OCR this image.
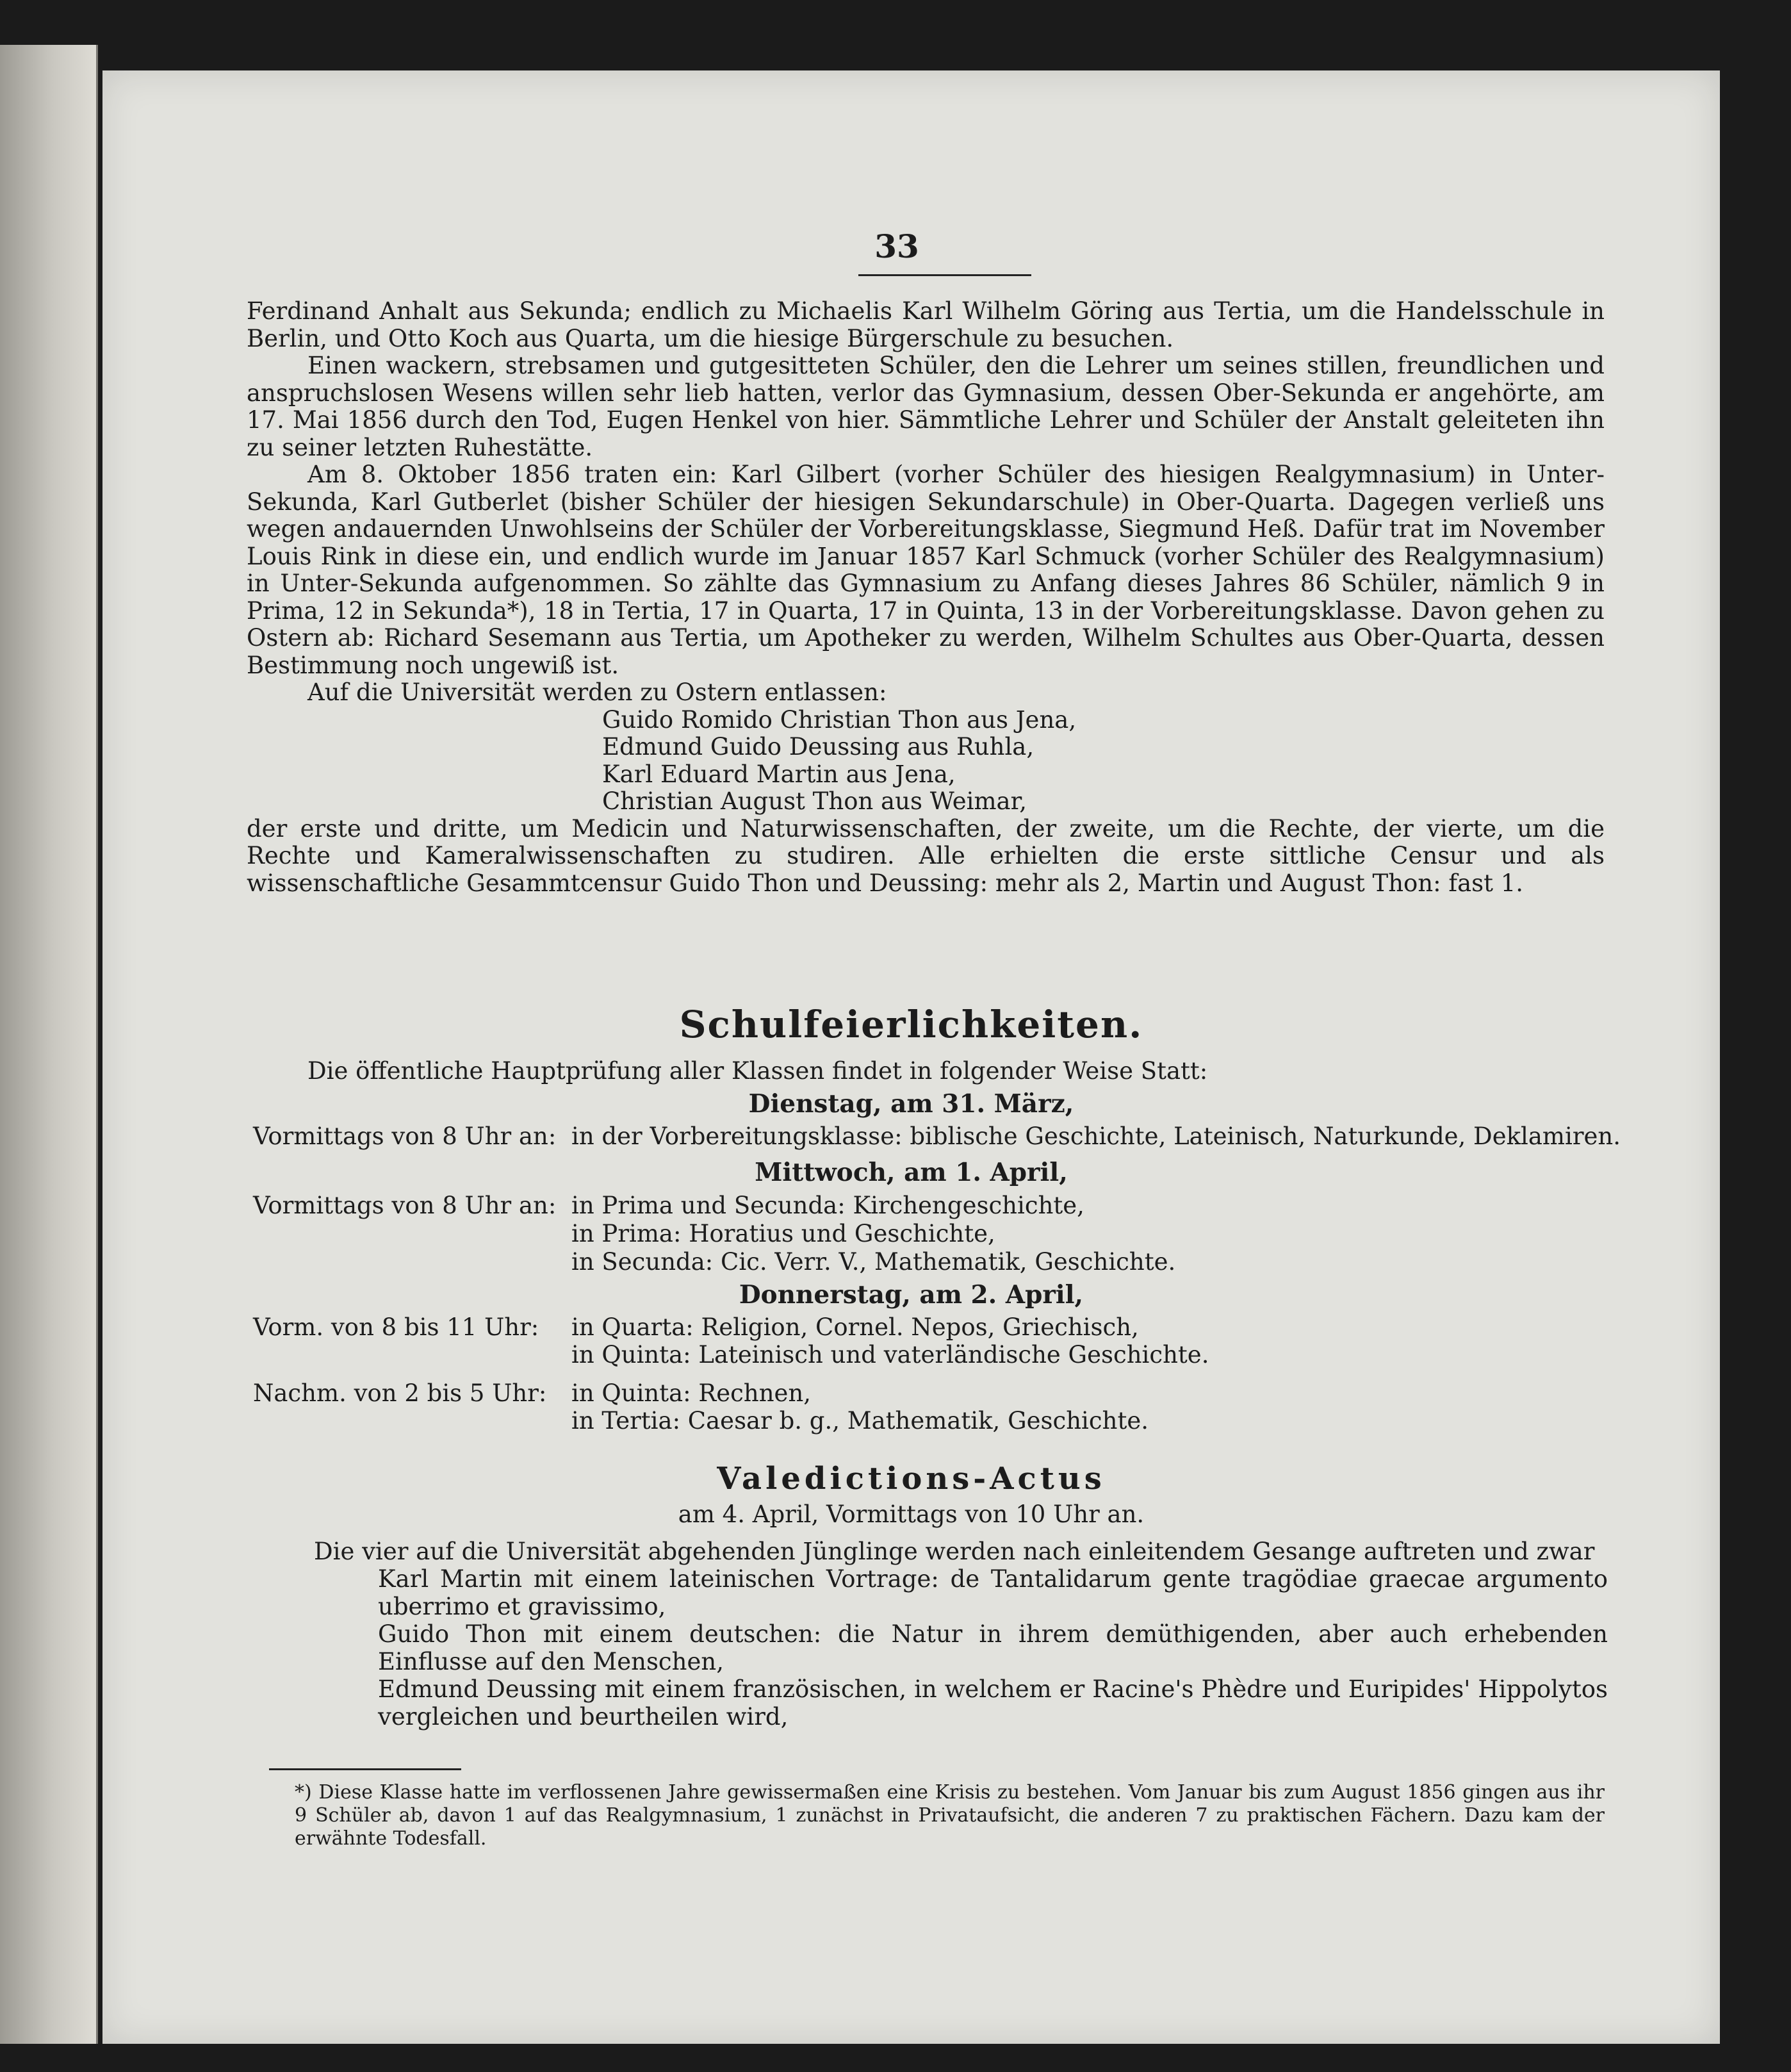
33

Ferdinand Anhalt aus Sekunda; endlich zu Michaelis Karl Wilhelm Göring aus Tertia, um die Handelsschule in Berlin, und Otto Koch aus Quarta, um die hiesige Bürgerschule zu besuchen.

Einen wackern, strebsamen und gutgesitteten Schüler, den die Lehrer um seines stillen, freundlichen und anspruchslosen Wesens willen sehr lieb hatten, verlor das Gymnasium, dessen Ober-Sekunda er angehörte, am 17. Mai 1856 durch den Tod, Eugen Henkel von hier. Sämmtliche Lehrer und Schüler der Anstalt geleiteten ihn zu seiner letzten Ruhestätte.

Am 8. Oktober 1856 traten ein: Karl Gilbert (vorher Schüler des hiesigen Realgymnasium) in Unter-Sekunda, Karl Gutberlet (bisher Schüler der hiesigen Sekundarschule) in Ober-Quarta. Dagegen verließ uns wegen andauernden Unwohlseins der Schüler der Vorbereitungsklasse, Siegmund Heß. Dafür trat im November Louis Rink in diese ein, und endlich wurde im Januar 1857 Karl Schmuck (vorher Schüler des Realgymnasium) in Unter-Sekunda aufgenommen. So zählte das Gymnasium zu Anfang dieses Jahres 86 Schüler, nämlich 9 in Prima, 12 in Sekunda*), 18 in Tertia, 17 in Quarta, 17 in Quinta, 13 in der Vorbereitungsklasse. Davon gehen zu Ostern ab: Richard Sesemann aus Tertia, um Apotheker zu werden, Wilhelm Schultes aus Ober-Quarta, dessen Bestimmung noch ungewiß ist.

Auf die Universität werden zu Ostern entlassen:

Guido Romido Christian Thon aus Jena,
Edmund Guido Deussing aus Ruhla,
Karl Eduard Martin aus Jena,
Christian August Thon aus Weimar,

der erste und dritte, um Medicin und Naturwissenschaften, der zweite, um die Rechte, der vierte, um die Rechte und Kameralwissenschaften zu studiren. Alle erhielten die erste sittliche Censur und als wissenschaftliche Gesammtcensur Guido Thon und Deussing: mehr als 2, Martin und August Thon: fast 1.

Schulfeierlichkeiten.
Die öffentliche Hauptprüfung aller Klassen findet in folgender Weise Statt:
Dienstag, am 31. März,
Vormittags von 8 Uhr an: in der Vorbereitungsklasse: biblische Geschichte, Lateinisch, Naturkunde, Deklamiren.
Mittwoch, am 1. April,
Vormittags von 8 Uhr an: in Prima und Secunda: Kirchengeschichte,
in Prima: Horatius und Geschichte,
in Secunda: Cic. Verr. V., Mathematik, Geschichte.
Donnerstag, am 2. April,
Vorm. von 8 bis 11 Uhr: in Quarta: Religion, Cornel. Nepos, Griechisch,
in Quinta: Lateinisch und vaterländische Geschichte.
Nachm. von 2 bis 5 Uhr: in Quinta: Rechnen,
in Tertia: Caesar b. g., Mathematik, Geschichte.
Valedictions-Actus
am 4. April, Vormittags von 10 Uhr an.

Die vier auf die Universität abgehenden Jünglinge werden nach einleitendem Gesange auftreten und zwar

Karl Martin mit einem lateinischen Vortrage: de Tantalidarum gente tragödiae graecae argumento uberrimo et gravissimo,

Guido Thon mit einem deutschen: die Natur in ihrem demüthigenden, aber auch erhebenden Einflusse auf den Menschen,

Edmund Deussing mit einem französischen, in welchem er Racine's Phèdre und Euripides' Hippolytos vergleichen und beurtheilen wird,

*) Diese Klasse hatte im verflossenen Jahre gewissermaßen eine Krisis zu bestehen. Vom Januar bis zum August 1856 gingen aus ihr 9 Schüler ab, davon 1 auf das Realgymnasium, 1 zunächst in Privataufsicht, die anderen 7 zu praktischen Fächern. Dazu kam der erwähnte Todesfall.
